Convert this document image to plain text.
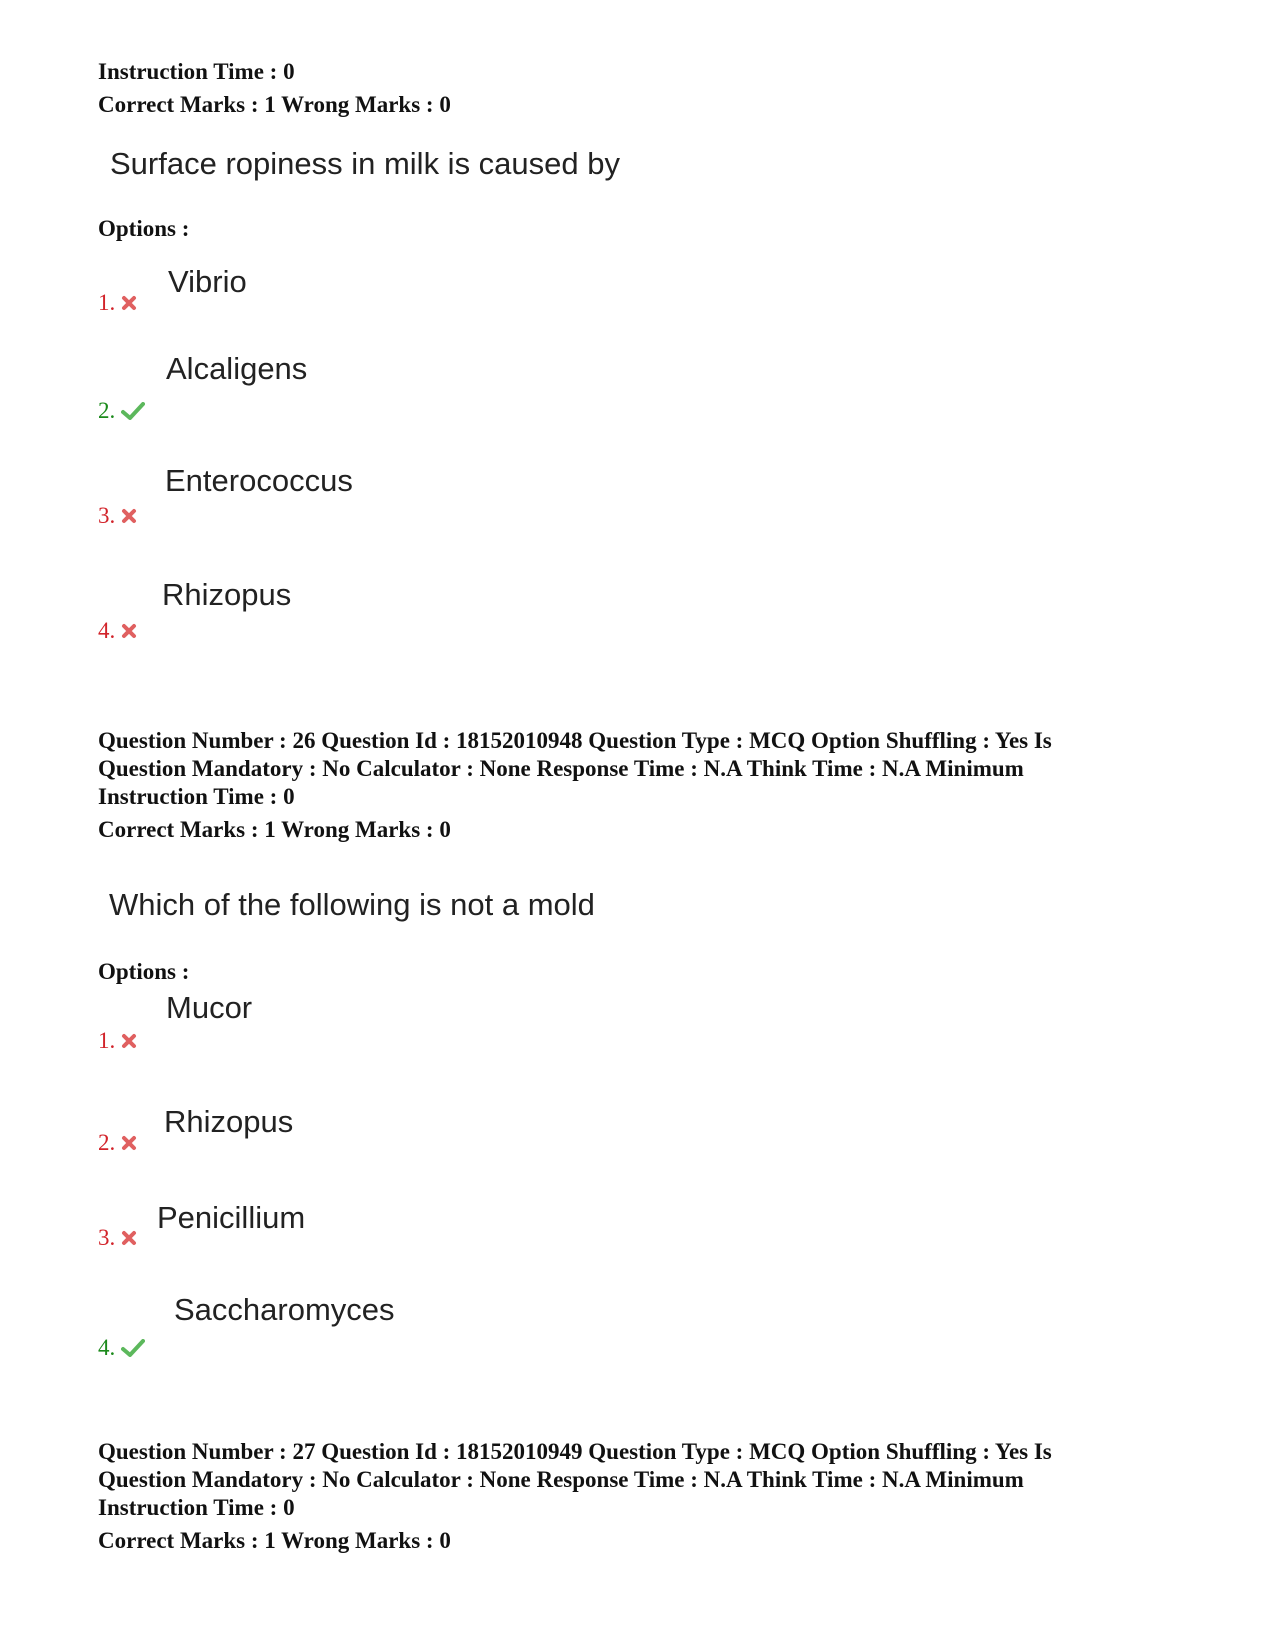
Instruction Time : 0
Correct Marks : 1 Wrong Marks : 0
Surface ropiness in milk is caused by
Options :
Vibrio
1.
Alcaligens
2.
Enterococcus
3.
Rhizopus
4.
Question Number : 26 Question Id : 18152010948 Question Type : MCQ Option Shuffling : Yes Is
Question Mandatory : No Calculator : None Response Time : N.A Think Time : N.A Minimum
Instruction Time : 0
Correct Marks : 1 Wrong Marks : 0
Which of the following is not a mold
Options :
Mucor
1.
Rhizopus
2.
Penicillium
3.
Saccharomyces
4.
Question Number : 27 Question Id : 18152010949 Question Type : MCQ Option Shuffling : Yes Is
Question Mandatory : No Calculator : None Response Time : N.A Think Time : N.A Minimum
Instruction Time : 0
Correct Marks : 1 Wrong Marks : 0
